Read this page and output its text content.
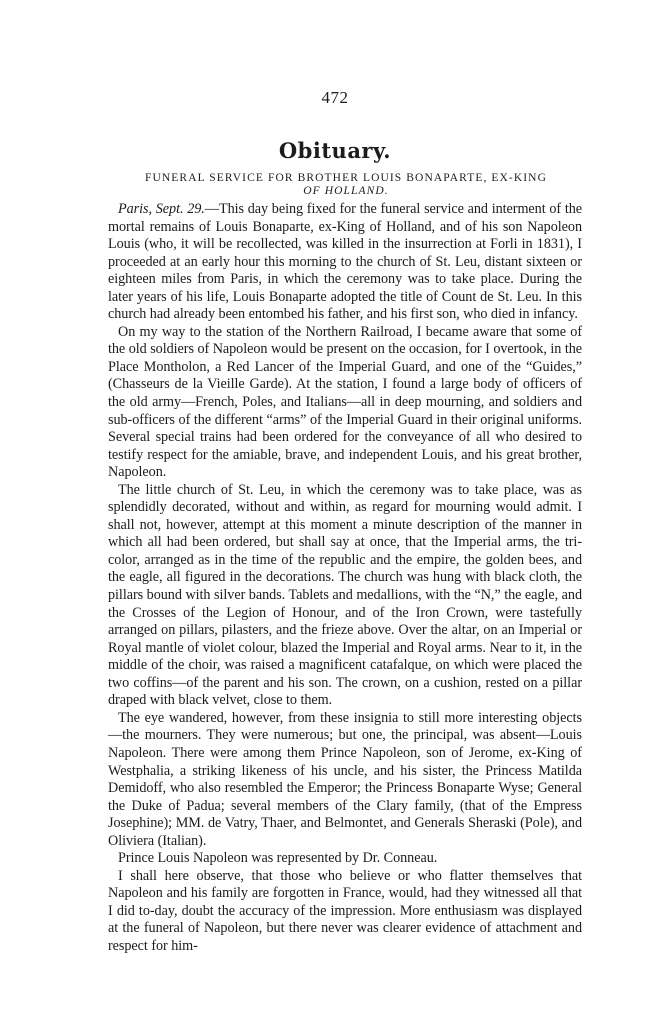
472
Obituary.
FUNERAL SERVICE FOR BROTHER LOUIS BONAPARTE, EX-KING
OF HOLLAND.

Paris, Sept. 29.—This day being fixed for the funeral service and interment of the mortal remains of Louis Bonaparte, ex-King of Holland, and of his son Napoleon Louis (who, it will be recollected, was killed in the insurrection at Forli in 1831), I proceeded at an early hour this morning to the church of St. Leu, distant sixteen or eighteen miles from Paris, in which the ceremony was to take place. During the later years of his life, Louis Bonaparte adopted the title of Count de St. Leu. In this church had already been entombed his father, and his first son, who died in infancy.

On my way to the station of the Northern Railroad, I became aware that some of the old soldiers of Napoleon would be present on the occasion, for I overtook, in the Place Montholon, a Red Lancer of the Imperial Guard, and one of the “Guides,” (Chasseurs de la Vieille Garde). At the station, I found a large body of officers of the old army—French, Poles, and Italians—all in deep mourning, and soldiers and sub-officers of the different “arms” of the Imperial Guard in their original uniforms. Several special trains had been ordered for the conveyance of all who desired to testify respect for the amiable, brave, and independent Louis, and his great brother, Napoleon.

The little church of St. Leu, in which the ceremony was to take place, was as splendidly decorated, without and within, as regard for mourning would admit. I shall not, however, attempt at this moment a minute description of the manner in which all had been ordered, but shall say at once, that the Imperial arms, the tri-color, arranged as in the time of the republic and the empire, the golden bees, and the eagle, all figured in the decorations. The church was hung with black cloth, the pillars bound with silver bands. Tablets and medallions, with the “N,” the eagle, and the Crosses of the Legion of Honour, and of the Iron Crown, were tastefully arranged on pillars, pilasters, and the frieze above. Over the altar, on an Imperial or Royal mantle of violet colour, blazed the Imperial and Royal arms. Near to it, in the middle of the choir, was raised a magnificent catafalque, on which were placed the two coffins—of the parent and his son. The crown, on a cushion, rested on a pillar draped with black velvet, close to them.

The eye wandered, however, from these insignia to still more interesting objects—the mourners. They were numerous; but one, the principal, was absent—Louis Napoleon. There were among them Prince Napoleon, son of Jerome, ex-King of Westphalia, a striking likeness of his uncle, and his sister, the Princess Matilda Demidoff, who also resembled the Emperor; the Princess Bonaparte Wyse; General the Duke of Padua; several members of the Clary family, (that of the Empress Josephine); MM. de Vatry, Thaer, and Belmontet, and Generals Sheraski (Pole), and Oliviera (Italian).

Prince Louis Napoleon was represented by Dr. Conneau.

I shall here observe, that those who believe or who flatter themselves that Napoleon and his family are forgotten in France, would, had they witnessed all that I did to-day, doubt the accuracy of the impression. More enthusiasm was displayed at the funeral of Napoleon, but there never was clearer evidence of attachment and respect for him-
